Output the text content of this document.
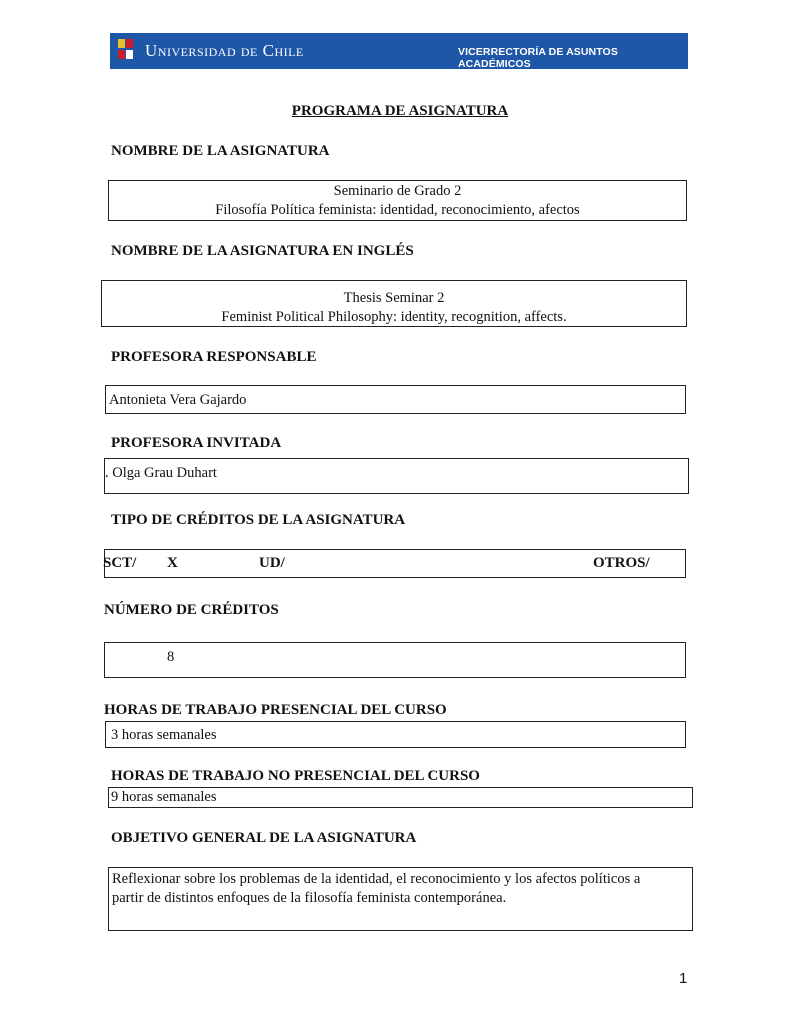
Universidad de Chile	VICERRECTORÍA DE ASUNTOS ACADÉMICOS
PROGRAMA DE ASIGNATURA
NOMBRE DE LA ASIGNATURA
Seminario de Grado 2
Filosofía Política feminista: identidad, reconocimiento, afectos
NOMBRE DE LA ASIGNATURA EN INGLÉS
Thesis Seminar 2
Feminist Political Philosophy: identity, recognition, affects.
PROFESORA RESPONSABLE
Antonieta Vera Gajardo
PROFESORA INVITADA
. Olga Grau Duhart
TIPO DE CRÉDITOS DE LA ASIGNATURA
SCT/ X	UD/	OTROS/
NÚMERO DE CRÉDITOS
8
HORAS DE TRABAJO PRESENCIAL DEL CURSO
3 horas semanales
HORAS DE TRABAJO NO PRESENCIAL DEL CURSO
9 horas semanales
OBJETIVO GENERAL DE LA ASIGNATURA
Reflexionar sobre los problemas de la identidad, el reconocimiento y los afectos políticos a
partir de distintos enfoques de la filosofía feminista contemporánea.
1
